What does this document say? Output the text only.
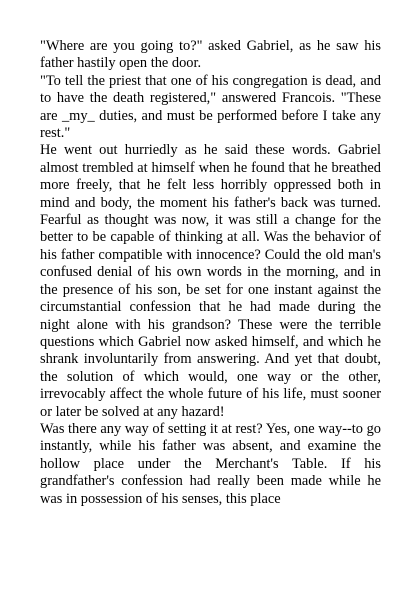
"Where are you going to?" asked Gabriel, as he saw his father hastily open the door.

"To tell the priest that one of his congregation is dead, and to have the death registered," answered Francois. "These are _my_ duties, and must be performed before I take any rest."

He went out hurriedly as he said these words. Gabriel almost trembled at himself when he found that he breathed more freely, that he felt less horribly oppressed both in mind and body, the moment his father's back was turned. Fearful as thought was now, it was still a change for the better to be capable of thinking at all. Was the behavior of his father compatible with innocence? Could the old man's confused denial of his own words in the morning, and in the presence of his son, be set for one instant against the circumstantial confession that he had made during the night alone with his grandson? These were the terrible questions which Gabriel now asked himself, and which he shrank involuntarily from answering. And yet that doubt, the solution of which would, one way or the other, irrevocably affect the whole future of his life, must sooner or later be solved at any hazard!

Was there any way of setting it at rest? Yes, one way--to go instantly, while his father was absent, and examine the hollow place under the Merchant's Table. If his grandfather's confession had really been made while he was in possession of his senses, this place
